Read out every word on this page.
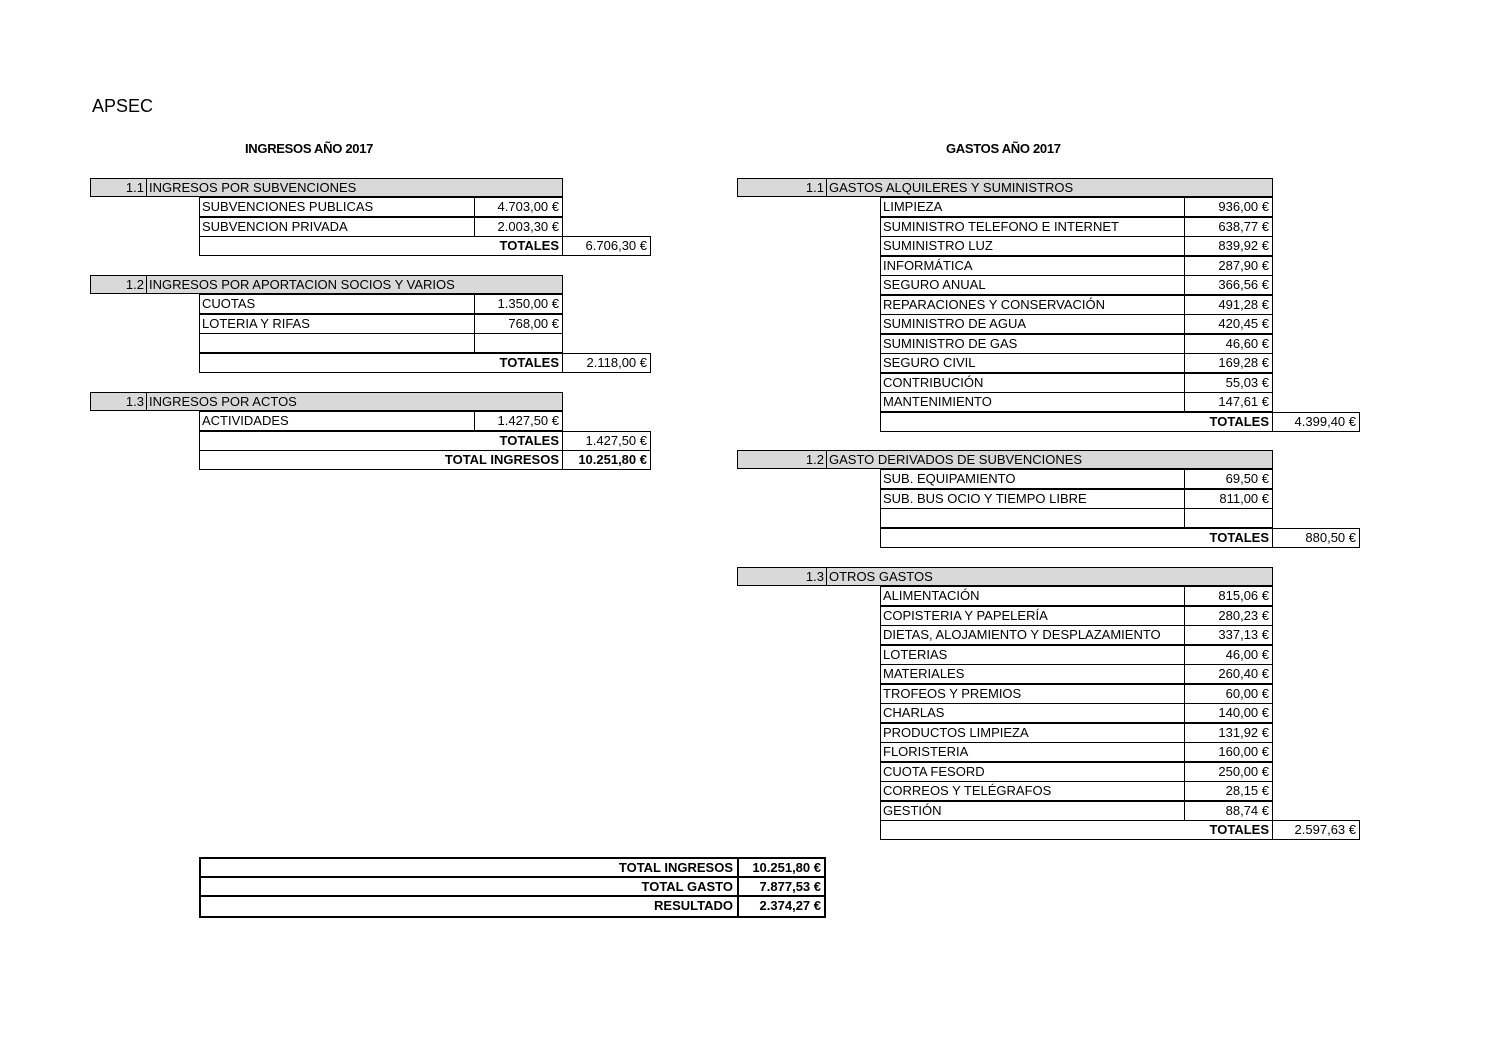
APSEC
INGRESOS AÑO 2017	GASTOS AÑO 2017
1.1 INGRESOS POR SUBVENCIONES
SUBVENCIONES PUBLICAS	4.703,00 €
SUBVENCION PRIVADA	2.003,30 €
TOTALES	6.706,30 €
1.2 INGRESOS POR APORTACION SOCIOS Y VARIOS
CUOTAS	1.350,00 €
LOTERIA Y RIFAS	768,00 €
TOTALES	2.118,00 €
1.3 INGRESOS POR ACTOS
ACTIVIDADES	1.427,50 €
TOTALES	1.427,50 €
TOTAL INGRESOS	10.251,80 €
1.1 GASTOS ALQUILERES Y SUMINISTROS
LIMPIEZA	936,00 €
SUMINISTRO TELEFONO E INTERNET	638,77 €
SUMINISTRO LUZ	839,92 €
INFORMÁTICA	287,90 €
SEGURO ANUAL	366,56 €
REPARACIONES Y CONSERVACIÓN	491,28 €
SUMINISTRO DE AGUA	420,45 €
SUMINISTRO DE GAS	46,60 €
SEGURO CIVIL	169,28 €
CONTRIBUCIÓN	55,03 €
MANTENIMIENTO	147,61 €
TOTALES	4.399,40 €
1.2 GASTO DERIVADOS DE SUBVENCIONES
SUB. EQUIPAMIENTO	69,50 €
SUB. BUS OCIO Y TIEMPO LIBRE	811,00 €
TOTALES	880,50 €
1.3 OTROS GASTOS
ALIMENTACIÓN	815,06 €
COPISTERIA Y PAPELERÍA	280,23 €
DIETAS, ALOJAMIENTO Y DESPLAZAMIENTO	337,13 €
LOTERIAS	46,00 €
MATERIALES	260,40 €
TROFEOS Y PREMIOS	60,00 €
CHARLAS	140,00 €
PRODUCTOS LIMPIEZA	131,92 €
FLORISTERIA	160,00 €
CUOTA FESORD	250,00 €
CORREOS Y TELÉGRAFOS	28,15 €
GESTIÓN	88,74 €
TOTALES	2.597,63 €
TOTAL INGRESOS	10.251,80 €
TOTAL GASTO	7.877,53 €
RESULTADO	2.374,27 €
